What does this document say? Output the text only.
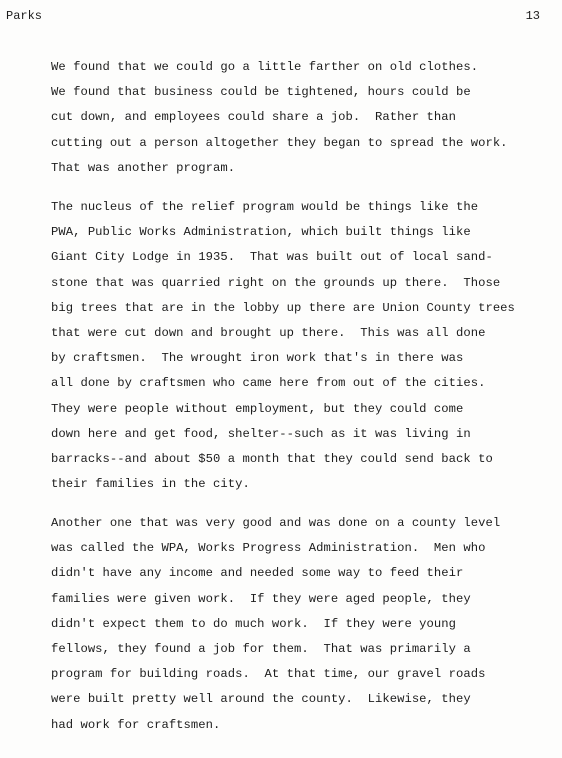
Parks	13
We found that we could go a little farther on old clothes.
We found that business could be tightened, hours could be
cut down, and employees could share a job.  Rather than
cutting out a person altogether they began to spread the work.
That was another program.
The nucleus of the relief program would be things like the
PWA, Public Works Administration, which built things like
Giant City Lodge in 1935.  That was built out of local sand-
stone that was quarried right on the grounds up there.  Those
big trees that are in the lobby up there are Union County trees
that were cut down and brought up there.  This was all done
by craftsmen.  The wrought iron work that's in there was
all done by craftsmen who came here from out of the cities.
They were people without employment, but they could come
down here and get food, shelter--such as it was living in
barracks--and about $50 a month that they could send back to
their families in the city.
Another one that was very good and was done on a county level
was called the WPA, Works Progress Administration.  Men who
didn't have any income and needed some way to feed their
families were given work.  If they were aged people, they
didn't expect them to do much work.  If they were young
fellows, they found a job for them.  That was primarily a
program for building roads.  At that time, our gravel roads
were built pretty well around the county.  Likewise, they
had work for craftsmen.
